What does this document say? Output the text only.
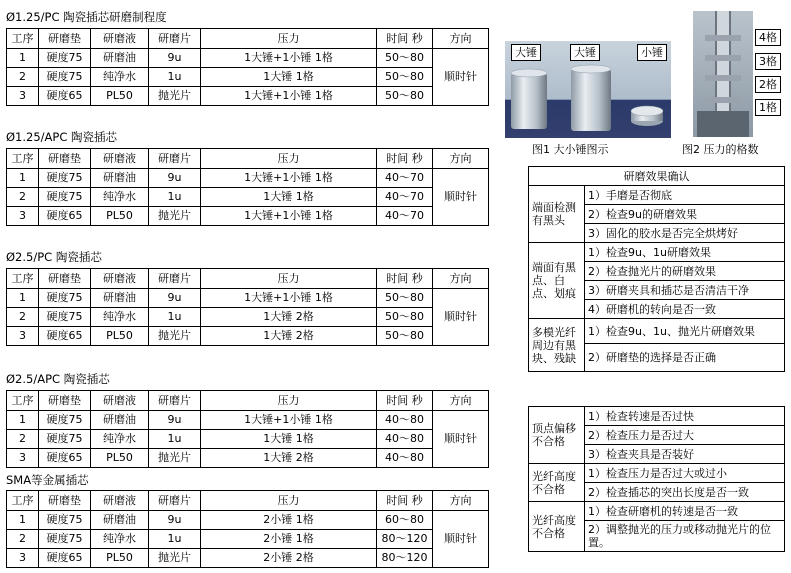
Ø1.25/PC 陶瓷插芯研磨制程度
Ø1.25/APC 陶瓷插芯
Ø2.5/PC 陶瓷插芯
Ø2.5/APC 陶瓷插芯
SMA等金属插芯
工序	研磨垫	研磨液	研磨片	压力	时间 秒	方向
1	硬度75	研磨油	9u	1大锤+1小锤 1格	50～80	顺时针
2	硬度75	纯净水	1u	1大锤 1格	50～80	
3	硬度65	PL50	抛光片	1大锤+1小锤 1格	50～80	
工序	研磨垫	研磨液	研磨片	压力	时间 秒	方向
1	硬度75	研磨油	9u	1大锤+1小锤 1格	40～70	顺时针
2	硬度75	纯净水	1u	1大锤 1格	40～70	
3	硬度65	PL50	抛光片	1大锤+1小锤 1格	40～70	
工序	研磨垫	研磨液	研磨片	压力	时间 秒	方向
1	硬度75	研磨油	9u	1大锤+1小锤 1格	50～80	顺时针
2	硬度75	纯净水	1u	1大锤 2格	50～80	
3	硬度65	PL50	抛光片	1大锤 2格	50～80	
工序	研磨垫	研磨液	研磨片	压力	时间 秒	方向
1	硬度75	研磨油	9u	1大锤+1小锤 1格	40～80	顺时针
2	硬度75	纯净水	1u	1大锤 1格	40～80	
3	硬度65	PL50	抛光片	1大锤 2格	40～80	
工序	研磨垫	研磨液	研磨片	压力	时间 秒	方向
1	硬度75	研磨油	9u	2小锤 1格	60～80	顺时针
2	硬度75	纯净水	1u	2小锤 1格	80～120	
3	硬度65	PL50	抛光片	2小锤 2格	80～120	
大锤	大锤	小锤
图1 大小锤图示
4格
3格
2格
1格
图2 压力的格数
研磨效果确认	
端面检测有黑头	1）手磨是否彻底
	2）检查9u的研磨效果
	3）固化的胶水是否完全烘烤好
端面有黑点、白点、划痕	1）检查9u、1u研磨效果
	2）检查抛光片的研磨效果
	3）研磨夹具和插芯是否清洁干净
	4）研磨机的转向是否一致
多模光纤周边有黑块、残缺	1）检查9u、1u、抛光片研磨效果
	2）研磨垫的选择是否正确
顶点偏移不合格	1）检查转速是否过快
	2）检查压力是否过大
	3）检查夹具是否装好
光纤高度不合格	1）检查压力是否过大或过小
	2）检查插芯的突出长度是否一致
光纤高度不合格	1）检查研磨机的转速是否一致
	2）调整抛光的压力或移动抛光片的位置。
